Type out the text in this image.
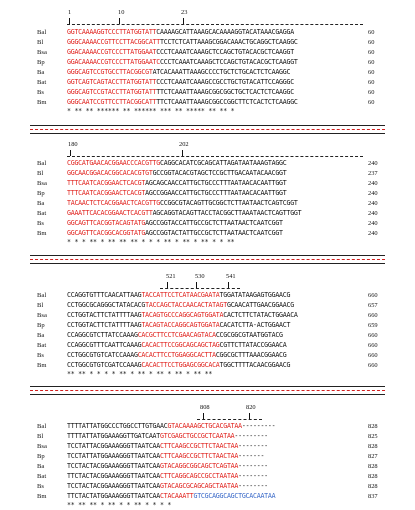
1	10	23
Bal	GGTCAAAAGGTCCCTTATGGTATTCAAAAGCATTAAAGCACAAAAGGTACATAAACGAGGA	60
Bl	GGGCAAAACCGTTCCTTACGGCATTTCCTCTCATTAAAGCGGACAAACTGCAGGCTCAAGGC	60
Bsa	GGACAAAACCGTCCCTTATGGAATCCCTCAAATCAAAGCTCCAGCTGTACACGCTCAAGGT	60
Bp	GGACAAAACCGTCCCTTATGGAATCCCCTCAAATCAAAGCTCCAGCTGTACACGCTCAAGGT	60
Ba	GGGCAGTCCGTGCCTTACGGCGTATCACAAATTAAAGCCCCTGCTCTGCACTCTCAAGGC	60
Bat	GGTCAGTCAGTACCTTATGGTATTCCCTCAAATCAAAGCCGCCTGCTGTACATTCCAGGGC	60
Bs	GGGCAGTCCGTACCTTATGGTATTTTCTCAAATTAAAGCGGCGGCTGCTCACTCTCAAGGC	60
Bm	GGGCAATCCGTTCCTTACGGCATTTTCTCAAATTAAAGCGGCCGGCTTCTCACTCTCAAGGC	60
* ** ** ****** ** ****** *** ** ***** ** ** *
180	202
Bal	CGGCATGAACACGGAACCCACGTTGCAGGCACATCGCAGCATTAGATAATAAAGTAGGC	240
Bl	GGCAACGGACACGGCACACGTGTGCCGGTACACGTAGCTCCGCTTGACAATACAACGGT	237
Bsa	TTTCAATCACGGAACTCACGTAGCAGCAACCATTGCTGCCCTTTAATAACACAATTGGT	240
Bp	TTTCAATCACGGAACTCACGTAGCCGGAACCATTGCTGCCCTTTAATAACACAATTGGT	240
Ba	TACAACTCTCACGGAACTCACGTTGCCGGCGTACAGTTGCGGCTCTTAATAACTCAGTCGGT	240
Bat	GAAATTCACACGGAACTCACGTTAGCAGGTACAGTTACCTACGGCTTAAATAACTCAGTTGGT	240
Bs	GGCAGTTCACGGTACAGTATGAGCCGGTACCATTGCCGCTCTTAATAACTCAATCGGT	240
Bm	GGCAGTTCACGGCACGGTATGAGCCGGTACTATTGCCGCTCTTAATAACTCAATCGGT	240
* * * ** * ** ** ** * * * ** * ** * ** * * **
521	530	541
Bal	CCAGGTGTTTCAACATTAAGTACCATTCCTCATAACGAATATGGATATAAGAGTGGAACG	660
Bl	CCTGGCGCAGGGCTATACACGTACCAGCTACCAACACTATAGTGCAACATTGAACGGAACG	657
Bsa	CCTGGTACTTCTATTTTAAGTACAGTGCCCAGGCAGTGGATACACTCTTCTATACTGGAACA	660
Bp	CCTGGTACTTCTATTTTAAGTACAGTACCAGGCAGTGGATACACATCTTA-ACTGGAACT	659
Ba	CCAGGCGTCTTATCCAAAGCACGCTTCCTCGAACAGTACACCGCGGCGTAATGGTACG	660
Bat	CCAGGCGTTTCAATTCAAAGCACACTTCCGGCAGCAGCTAGCGTTCTTATACCGGAACA	660
Bs	CCTGGCGTGTCATCCAAAGCACACTTCCTGGAGGCACTTACGGCGCTTTAAACGGAACG	660
Bm	CCTGGCGTGTCGATCCAAAGCACACTTCCTGGAGCGGCACATGGCTTTTACAACGGAACG	660
** ** * * * * ** * ** * ** * ** * ** **
808	820
Bal	TTTTATTATGGCCCTGGCCTTGTGAACGTACAAAAGCTGCACGATAA---------	828
Bl	TTTTATTATGGAAAGGTTGATCAATGTCGAGCTGCCGCTCAATAA---------	825
Bsa	TCCTATTACGGAAAGGGTTAATCAACTTCAAGCCGCTTCTAACTAA--------	828
Bp	TCCTATTATGGAAAGGGTTAATCAACTTCAAGCCGCTTCTAACTAA-------	827
Ba	TCCTACTACGGAAAGGGTTAATCAAGTACAGGCGGCAGCTCAGTAA--------	828
Bat	TTCTACTACGGAAAGGGTTAATCAACTTCAGGCAGCCGCCTAATAA--------	828
Bs	TCCTACTACGGAAAGGGTTAATCAAGTACAGCGCAGCAGCTAATAA--------	828
Bm	TTCTACTATGGAAAGGGTTAATCAACTACAAATTGTCGCAGGCAGCTGCACAATAA	837
** ** ** * ** * * ** * * * *
